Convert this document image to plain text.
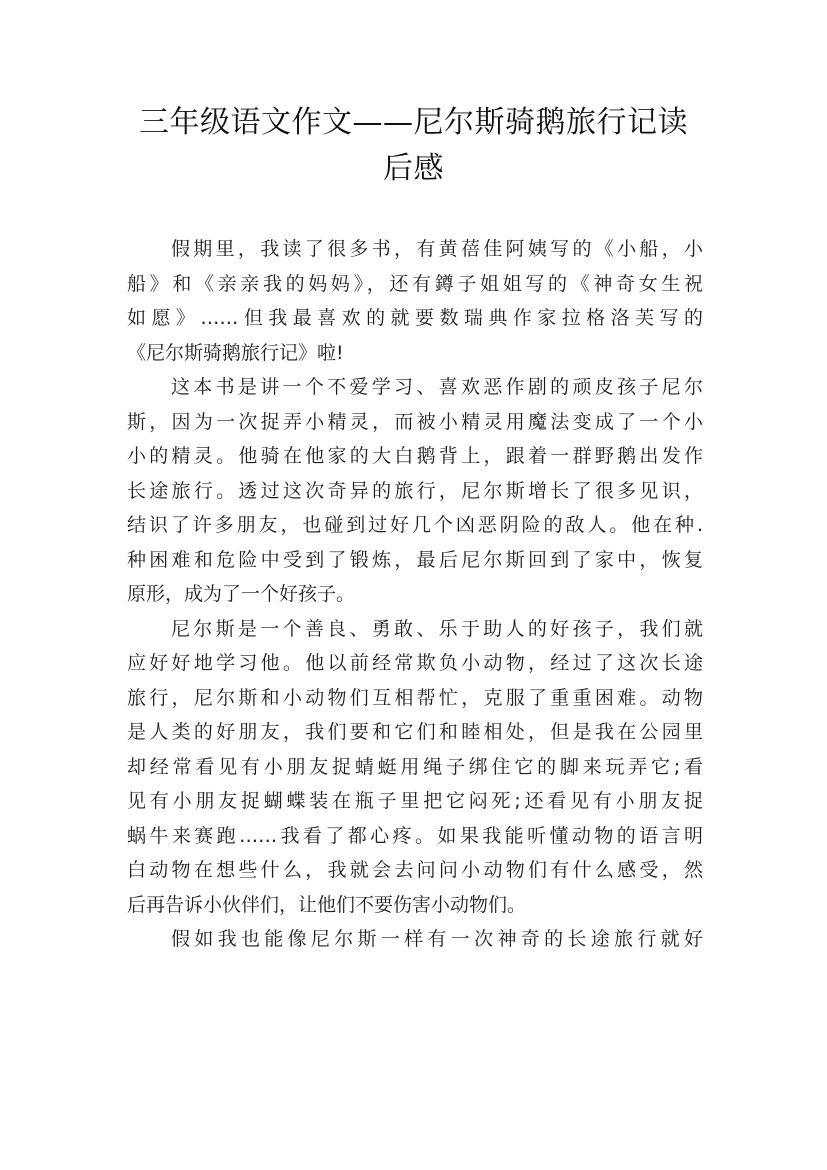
三年级语文作文——尼尔斯骑鹅旅行记读
后感
假期里，我读了很多书，有黄蓓佳阿姨写的《小船，小
船》和《亲亲我的妈妈》，还有鐏子姐姐写的《神奇女生祝
如愿》……但我最喜欢的就要数瑞典作家拉格洛芙写的
《尼尔斯骑鹅旅行记》啦!
这本书是讲一个不爱学习、喜欢恶作剧的顽皮孩子尼尔
斯，因为一次捉弄小精灵，而被小精灵用魔法变成了一个小
小的精灵。他骑在他家的大白鹅背上，跟着一群野鹅出发作
长途旅行。透过这次奇异的旅行，尼尔斯增长了很多见识，
结识了许多朋友，也碰到过好几个凶恶阴险的敌人。他在种.
种困难和危险中受到了锻炼，最后尼尔斯回到了家中，恢复
原形，成为了一个好孩子。
尼尔斯是一个善良、勇敢、乐于助人的好孩子，我们就
应好好地学习他。他以前经常欺负小动物，经过了这次长途
旅行，尼尔斯和小动物们互相帮忙，克服了重重困难。动物
是人类的好朋友，我们要和它们和睦相处，但是我在公园里
却经常看见有小朋友捉蜻蜓用绳子绑住它的脚来玩弄它;看
见有小朋友捉蝴蝶装在瓶子里把它闷死;还看见有小朋友捉
蜗牛来赛跑……我看了都心疼。如果我能听懂动物的语言明
白动物在想些什么，我就会去问问小动物们有什么感受，然
后再告诉小伙伴们，让他们不要伤害小动物们。
假如我也能像尼尔斯一样有一次神奇的长途旅行就好
